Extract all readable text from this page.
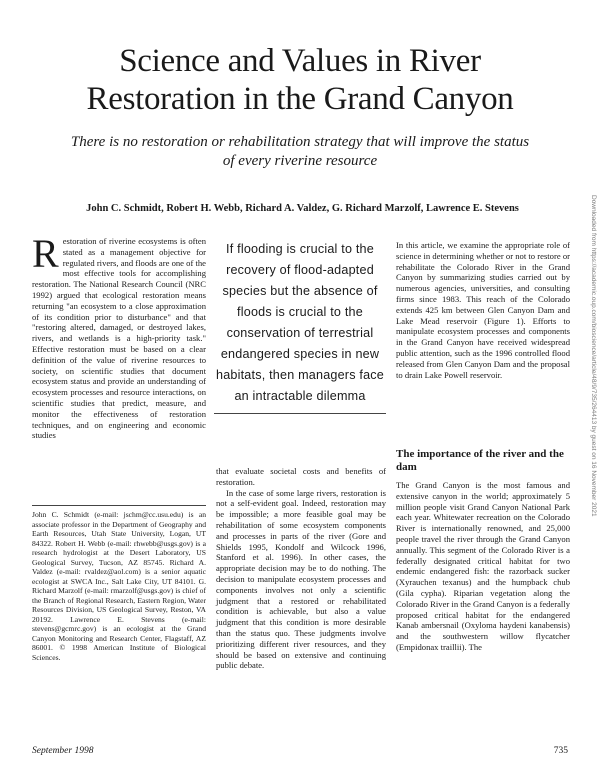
Science and Values in River
Restoration in the Grand Canyon

There is no restoration or rehabilitation strategy that will improve the status of every riverine resource

John C. Schmidt, Robert H. Webb, Richard A. Valdez, G. Richard Marzolf, Lawrence E. Stevens	Downloaded from https://academic.oup.com/bioscience/article/48/9/735/264413 by guest on 16 November 2021

Restoration of riverine ecosystems is often stated as a management objective for regulated rivers, and floods are one of the most effective tools for accomplishing restoration. The National Research Council (NRC 1992) argued that ecological restoration means returning "an ecosystem to a close approximation of its condition prior to disturbance" and that "restoring altered, damaged, or destroyed lakes, rivers, and wetlands is a high-priority task." Effective restoration must be based on a clear definition of the value of riverine resources to society, on scientific studies that document ecosystem status and provide an understanding of ecosystem processes and resource interactions, on scientific studies that predict, measure, and monitor the effectiveness of restoration techniques, and on engineering and economic studies

John C. Schmidt (e-mail: jschm@cc.usu.edu) is an associate professor in the Department of Geography and Earth Resources, Utah State University, Logan, UT 84322. Robert H. Webb (e-mail: rhwebb@usgs.gov) is a research hydrologist at the Desert Laboratory, US Geological Survey, Tucson, AZ 85745. Richard A. Valdez (e-mail: rvaldez@aol.com) is a senior aquatic ecologist at SWCA Inc., Salt Lake City, UT 84101. G. Richard Marzolf (e-mail: rmarzolf@usgs.gov) is chief of the Branch of Regional Research, Eastern Region, Water Resources Division, US Geological Survey, Reston, VA 20192. Lawrence E. Stevens (e-mail: stevens@gcmrc.gov) is an ecologist at the Grand Canyon Monitoring and Research Center, Flagstaff, AZ 86001. © 1998 American Institute of Biological Sciences.
If flooding is crucial to the recovery of flood-adapted species but the absence of floods is crucial to the conservation of terrestrial endangered species in new habitats, then managers face an intractable dilemma

that evaluate societal costs and benefits of restoration.

In the case of some large rivers, restoration is not a self-evident goal. Indeed, restoration may be impossible; a more feasible goal may be rehabilitation of some ecosystem components and processes in parts of the river (Gore and Shields 1995, Kondolf and Wilcock 1996, Stanford et al. 1996). In other cases, the appropriate decision may be to do nothing. The decision to manipulate ecosystem processes and components involves not only a scientific judgment that a restored or rehabilitated condition is achievable, but also a value judgment that this condition is more desirable than the status quo. These judgments involve prioritizing different river resources, and they should be based on extensive and continuing public debate.

In this article, we examine the appropriate role of science in determining whether or not to restore or rehabilitate the Colorado River in the Grand Canyon by summarizing studies carried out by numerous agencies, universities, and consulting firms since 1983. This reach of the Colorado extends 425 km between Glen Canyon Dam and Lake Mead reservoir (Figure 1). Efforts to manipulate ecosystem processes and components in the Grand Canyon have received widespread public attention, such as the 1996 controlled flood released from Glen Canyon Dam and the proposal to drain Lake Powell reservoir.

The importance of the river and the dam

The Grand Canyon is the most famous and extensive canyon in the world; approximately 5 million people visit Grand Canyon National Park each year. Whitewater recreation on the Colorado River is internationally renowned, and 25,000 people travel the river through the Grand Canyon annually. This segment of the Colorado River is a federally designated critical habitat for two endemic endangered fish: the razorback sucker (Xyrauchen texanus) and the humpback chub (Gila cypha). Riparian vegetation along the Colorado River in the Grand Canyon is a federally proposed critical habitat for the endangered Kanab ambersnail (Oxyloma haydeni kanabensis) and the southwestern willow flycatcher (Empidonax traillii). The

September 1998	735
